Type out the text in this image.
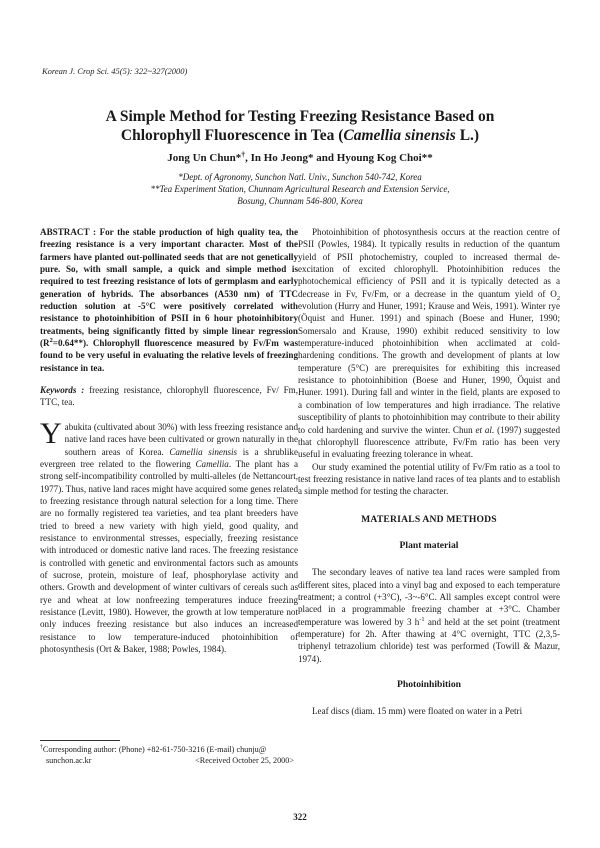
Korean J. Crop Sci. 45(5): 322~327(2000)
A Simple Method for Testing Freezing Resistance Based on
Chlorophyll Fluorescence in Tea (Camellia sinensis L.)
Jong Un Chun*†, In Ho Jeong* and Hyoung Kog Choi**
*Dept. of Agronomy, Sunchon Natl. Univ., Sunchon 540-742, Korea
**Tea Experiment Station, Chunnam Agricultural Research and Extension Service,
Bosung, Chunnam 546-800, Korea

ABSTRACT : For the stable production of high quality tea, the freezing resistance is a very important character. Most of the farmers have planted out-pollinated seeds that are not genetically pure. So, with small sample, a quick and simple method is required to test freezing resistance of lots of germplasm and early generation of hybrids. The absorbances (A530 nm) of TTC reduction solution at -5°C were positively correlated with resistance to photoinhibition of PSII in 6 hour photoinhibitory treatments, being significantly fitted by simple linear regression $(R^2=0.64**)$. Chlorophyll fluorescence measured by Fv/Fm was found to be very useful in evaluating the relative levels of freezing resistance in tea.

Keywords : freezing resistance, chlorophyll fluorescence, Fv/ Fm, TTC, tea.

Yabukita (cultivated about 30%) with less freezing resistance and native land races have been cultivated or grown naturally in the southern areas of Korea. Camellia sinensis is a shrublike evergreen tree related to the flowering Camellia. The plant has a strong self-incompatibility controlled by multi-alleles (de Nettancourt, 1977). Thus, native land races might have acquired some genes related to freezing resistance through natural selection for a long time. There are no formally registered tea varieties, and tea plant breeders have tried to breed a new variety with high yield, good quality, and resistance to environmental stresses, especially, freezing resistance with introduced or domestic native land races. The freezing resistance is controlled with genetic and environmental factors such as amounts of sucrose, protein, moisture of leaf, phosphorylase activity and others. Growth and development of winter cultivars of cereals such as rye and wheat at low nonfreezing temperatures induce freezing resistance (Levitt, 1980). However, the growth at low temperature not only induces freezing resistance but also induces an increased resistance to low temperature-induced photoinhibition of photosynthesis (Ort & Baker, 1988; Powles, 1984).

Photoinhibition of photosynthesis occurs at the reaction centre of PSII (Powles, 1984). It typically results in reduction of the quantum yield of PSII photochemistry, coupled to increased thermal de-excitation of excited chlorophyll. Photoinhibition reduces the photochemical efficiency of PSII and it is typically detected as a decrease in Fv, Fv/Fm, or a decrease in the quantum yield of $O_2$ evolution (Hurry and Huner, 1991; Krause and Weis, 1991). Winter rye (Öquist and Huner. 1991) and spinach (Boese and Huner, 1990; Somersalo and Krause, 1990) exhibit reduced sensitivity to low temperature-induced photoinhibition when acclimated at cold-hardening conditions. The growth and development of plants at low temperature (5°C) are prerequisites for exhibiting this increased resistance to photoinhibition (Boese and Huner, 1990, Öquist and Huner. 1991). During fall and winter in the field, plants are exposed to a combination of low temperatures and high irradiance. The relative susceptibility of plants to photoinhibition may contribute to their ability to cold hardening and survive the winter. Chun et al. (1997) suggested that chlorophyll fluorescence attribute, Fv/Fm ratio has been very useful in evaluating freezing tolerance in wheat.

Our study examined the potential utility of Fv/Fm ratio as a tool to test freezing resistance in native land races of tea plants and to establish a simple method for testing the character.

MATERIALS AND METHODS

Plant material

The secondary leaves of native tea land races were sampled from different sites, placed into a vinyl bag and exposed to each temperature treatment; a control (+3°C), -3~-6°C. All samples except control were placed in a programmable freezing chamber at +3°C. Chamber temperature was lowered by 3 $h^{-1}$ and held at the set point (treatment temperature) for 2h. After thawing at 4°C overnight, TTC (2,3,5-triphenyl tetrazolium chloride) test was performed (Towill & Mazur, 1974).

Photoinhibition

Leaf discs (diam. 15 mm) were floated on water in a Petri

†Corresponding author: (Phone) +82-61-750-3216 (E-mail) chunju@
sunchon.ac.kr	<Received October 25, 2000>
322
